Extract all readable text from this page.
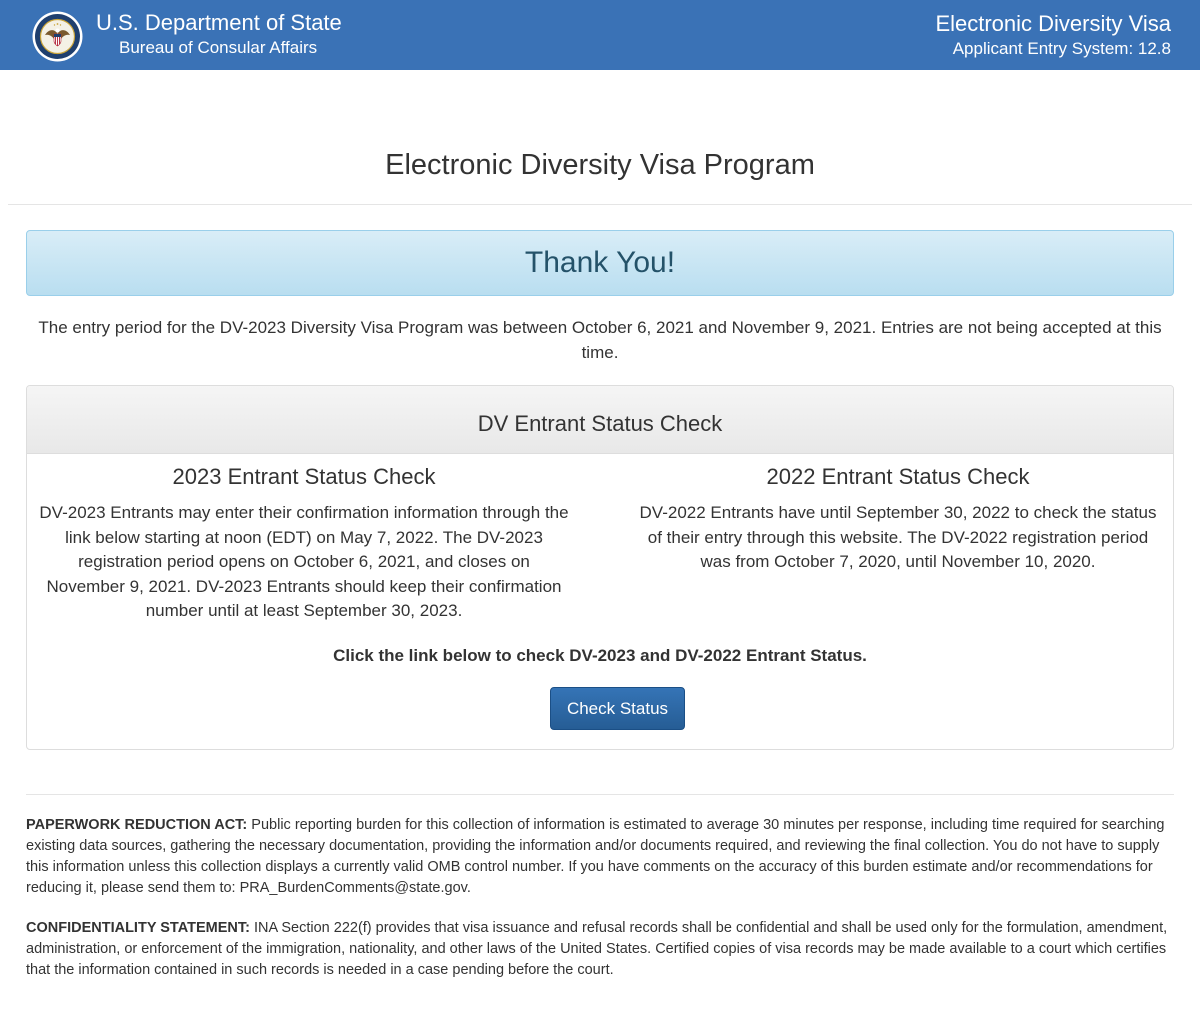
U.S. Department of State
Bureau of Consular Affairs
Electronic Diversity Visa
Applicant Entry System: 12.8
Electronic Diversity Visa Program
Thank You!
The entry period for the DV-2023 Diversity Visa Program was between October 6, 2021 and November 9, 2021. Entries are not being accepted at this time.
DV Entrant Status Check
2023 Entrant Status Check

DV-2023 Entrants may enter their confirmation information through the link below starting at noon (EDT) on May 7, 2022. The DV-2023 registration period opens on October 6, 2021, and closes on November 9, 2021. DV-2023 Entrants should keep their confirmation number until at least September 30, 2023.

2022 Entrant Status Check

DV-2022 Entrants have until September 30, 2022 to check the status of their entry through this website. The DV-2022 registration period was from October 7, 2020, until November 10, 2020.

Click the link below to check DV-2023 and DV-2022 Entrant Status.
Check Status

PAPERWORK REDUCTION ACT: Public reporting burden for this collection of information is estimated to average 30 minutes per response, including time required for searching existing data sources, gathering the necessary documentation, providing the information and/or documents required, and reviewing the final collection. You do not have to supply this information unless this collection displays a currently valid OMB control number. If you have comments on the accuracy of this burden estimate and/or recommendations for reducing it, please send them to: PRA_BurdenComments@state.gov.

CONFIDENTIALITY STATEMENT: INA Section 222(f) provides that visa issuance and refusal records shall be confidential and shall be used only for the formulation, amendment, administration, or enforcement of the immigration, nationality, and other laws of the United States. Certified copies of visa records may be made available to a court which certifies that the information contained in such records is needed in a case pending before the court.
